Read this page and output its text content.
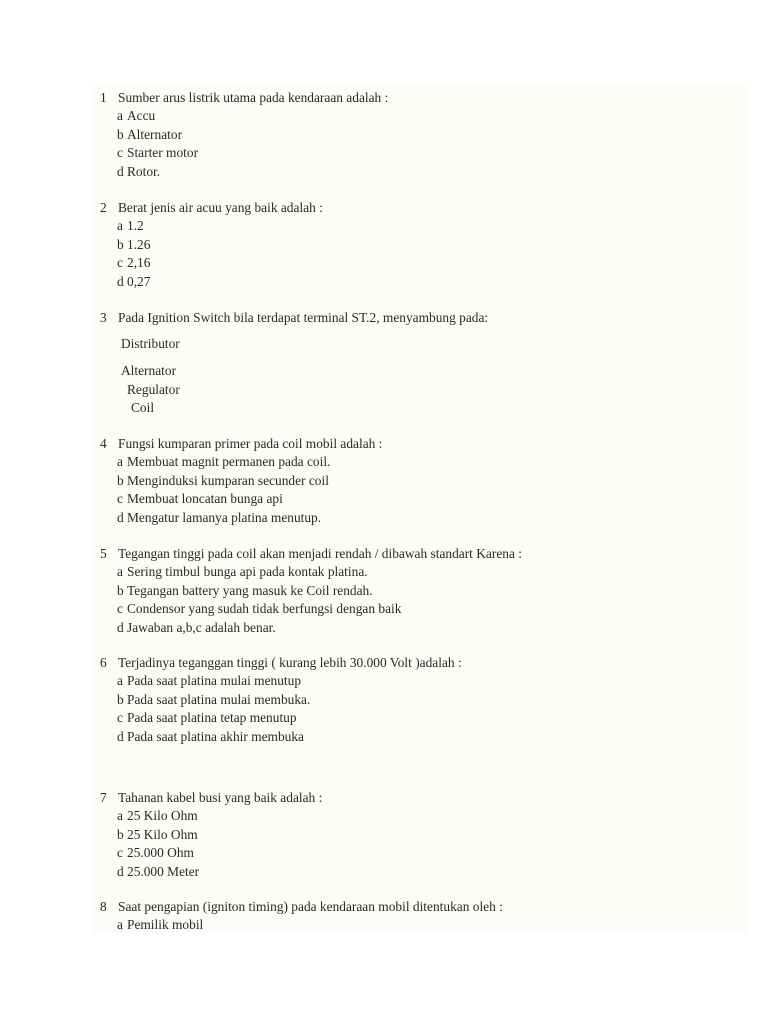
1 Sumber arus listrik utama pada kendaraan adalah :
a Accu
b Alternator
c Starter motor
d Rotor.
2 Berat jenis air acuu yang baik adalah :
a 1.2
b 1.26
c 2,16
d 0,27
3 Pada Ignition Switch bila terdapat terminal ST.2, menyambung pada:
Distributor
Alternator
Regulator
Coil
4 Fungsi kumparan primer pada coil mobil adalah :
a Membuat magnit permanen pada coil.
b Menginduksi kumparan secunder coil
c Membuat loncatan bunga api
d Mengatur lamanya platina menutup.
5 Tegangan tinggi pada coil akan menjadi rendah / dibawah standart Karena :
a Sering timbul bunga api pada kontak platina.
b Tegangan battery yang masuk ke Coil rendah.
c Condensor yang sudah tidak berfungsi dengan baik
d Jawaban a,b,c adalah benar.
6 Terjadinya teganggan tinggi ( kurang lebih 30.000 Volt )adalah :
a Pada saat platina mulai menutup
b Pada saat platina mulai membuka.
c Pada saat platina tetap menutup
d Pada saat platina akhir membuka
7 Tahanan kabel busi yang baik adalah :
a 25 Kilo Ohm
b 25 Kilo Ohm
c 25.000 Ohm
d 25.000 Meter
8 Saat pengapian (igniton timing) pada kendaraan mobil ditentukan oleh :
a Pemilik mobil
